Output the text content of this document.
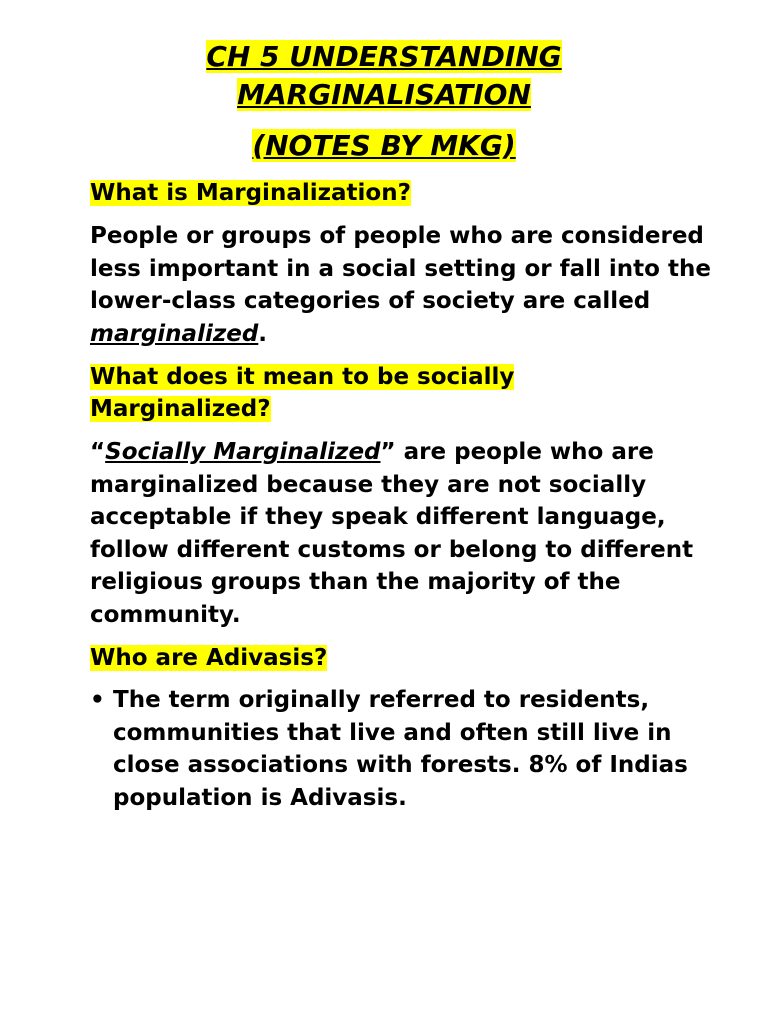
CH 5 UNDERSTANDING
MARGINALISATION
(NOTES BY MKG)

What is Marginalization?

People or groups of people who are considered less important in a social setting or fall into the lower-class categories of society are called marginalized.

What does it mean to be socially
Marginalized?

“Socially Marginalized” are people who are marginalized because they are not socially acceptable if they speak different language, follow different customs or belong to different religious groups than the majority of the community.

Who are Adivasis?

• The term originally referred to residents, communities that live and often still live in close associations with forests. 8% of Indias population is Adivasis.
